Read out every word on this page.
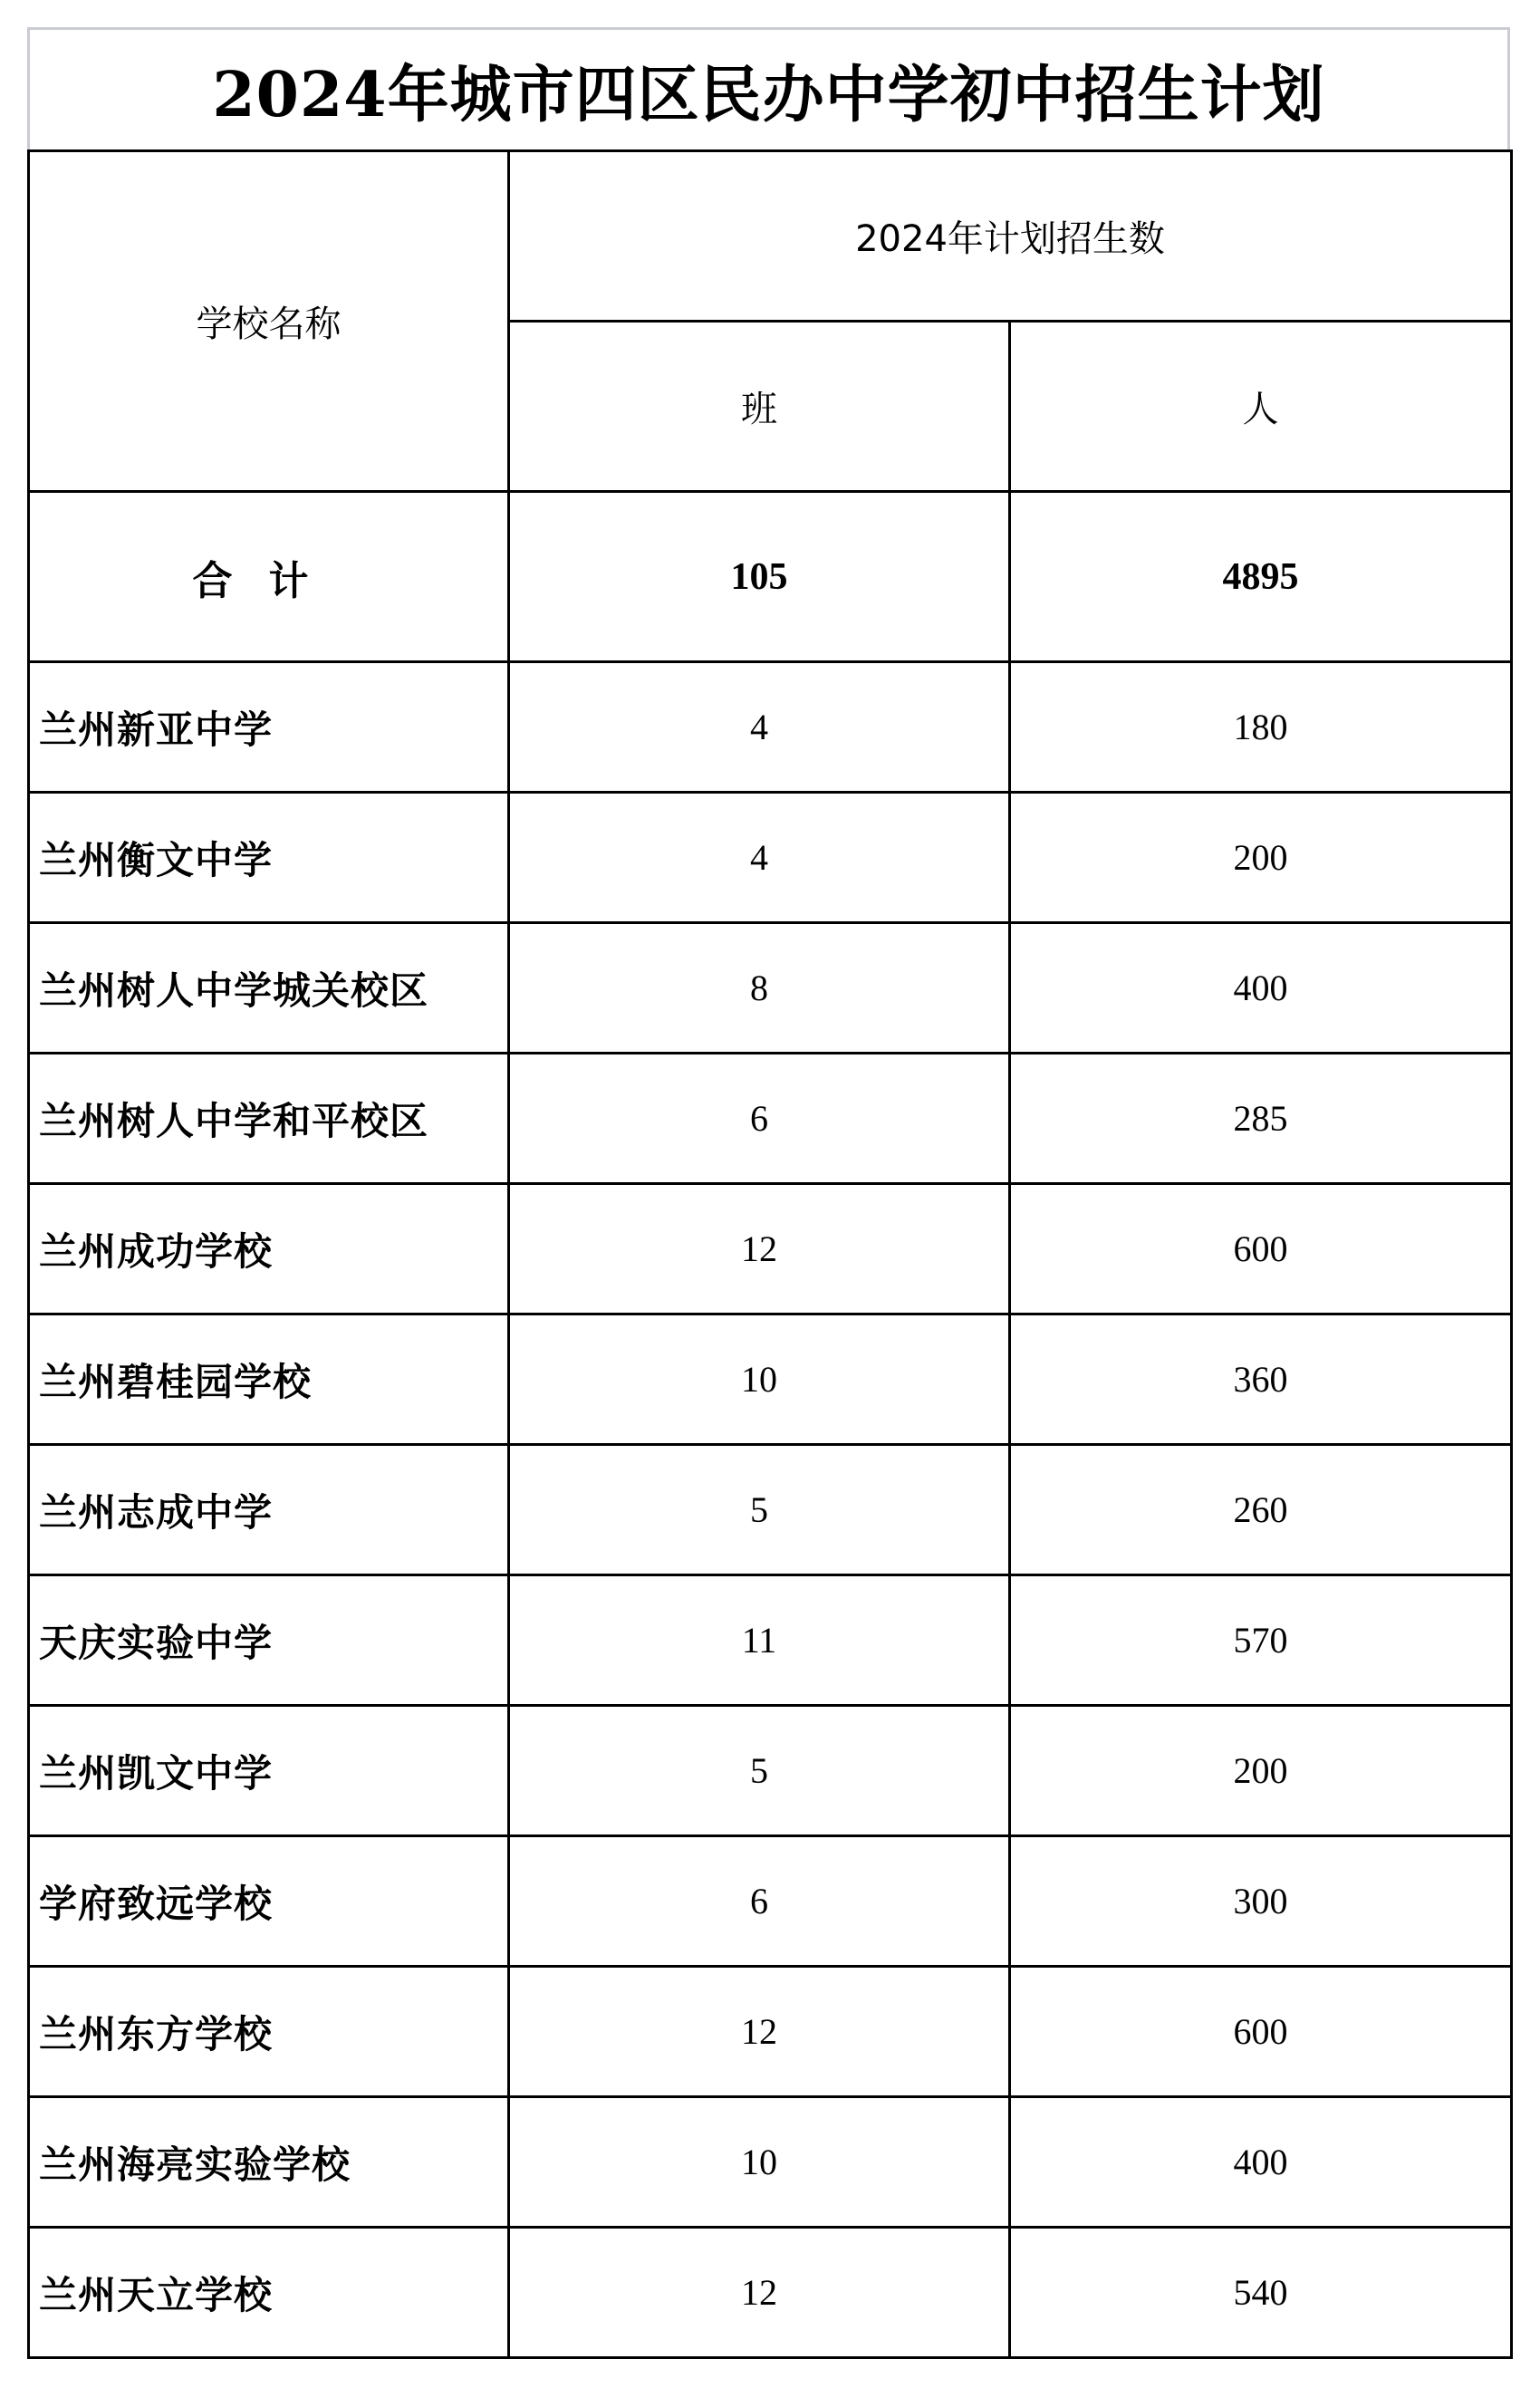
2024年城市四区民办中学初中招生计划
学校名称	2024年计划招生数	
	班	人
合计	105	4895
兰州新亚中学	4	180
兰州衡文中学	4	200
兰州树人中学城关校区	8	400
兰州树人中学和平校区	6	285
兰州成功学校	12	600
兰州碧桂园学校	10	360
兰州志成中学	5	260
天庆实验中学	11	570
兰州凯文中学	5	200
学府致远学校	6	300
兰州东方学校	12	600
兰州海亮实验学校	10	400
兰州天立学校	12	540
